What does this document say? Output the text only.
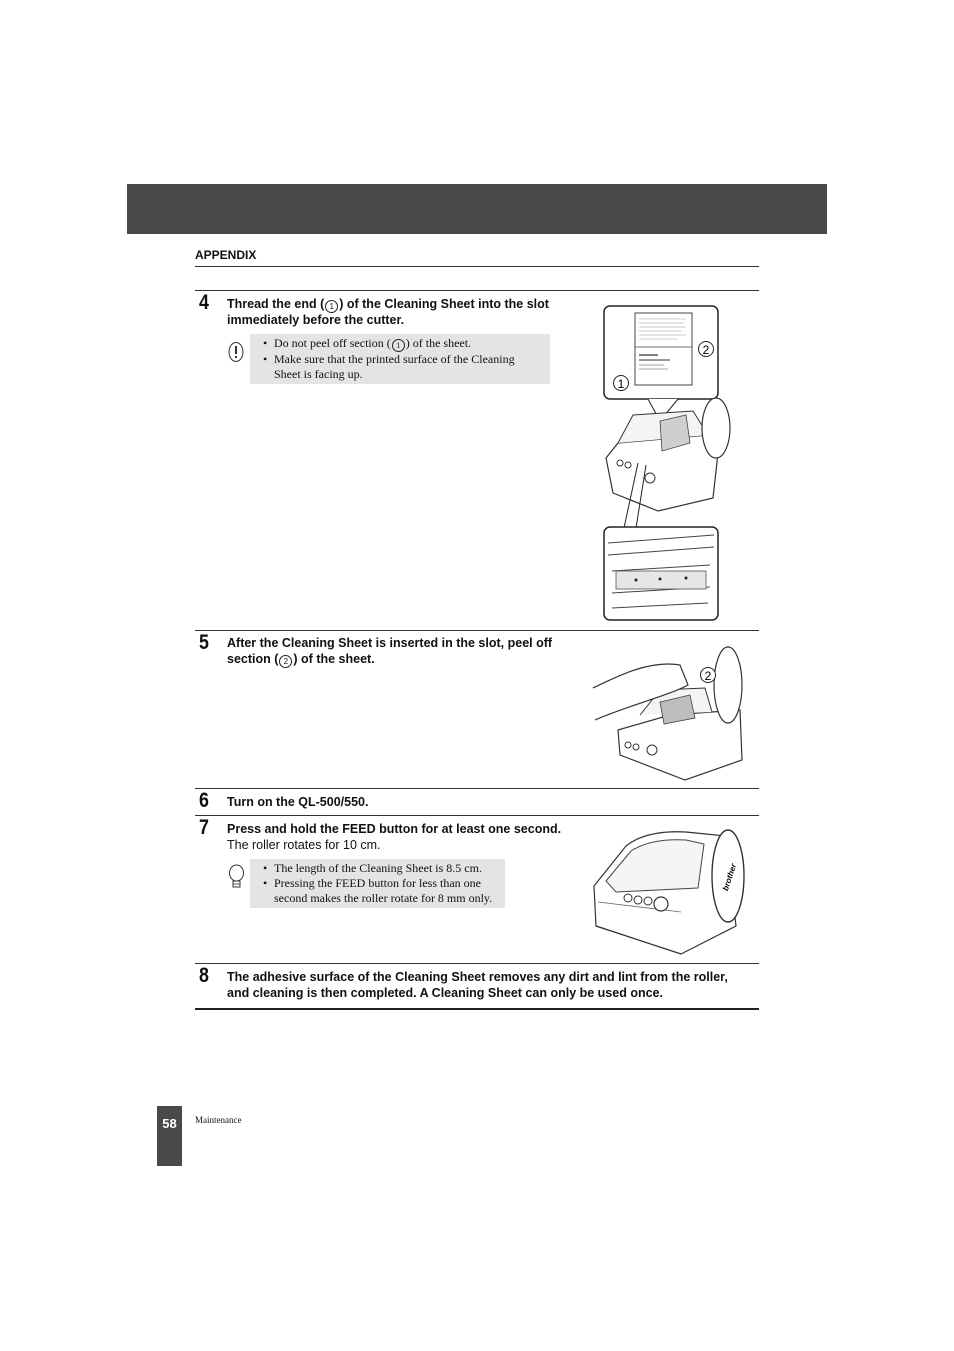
APPENDIX
4 Thread the end ( 1 ) of the Cleaning Sheet into the slot
immediately before the cutter.
• Do not peel off section ( 1 ) of the sheet.
• Make sure that the printed surface of the Cleaning Sheet is facing up.
2
1
5 After the Cleaning Sheet is inserted in the slot, peel off
section ( 2 ) of the sheet.
2
6 Turn on the QL-500/550.
7 Press and hold the FEED button for at least one second.
The roller rotates for 10 cm.
• The length of the Cleaning Sheet is 8.5 cm.
• Pressing the FEED button for less than one second makes the roller rotate for 8 mm only.
brother
8 The adhesive surface of the Cleaning Sheet removes any dirt and lint from the roller,
and cleaning is then completed. A Cleaning Sheet can only be used once.
58	Maintenance
